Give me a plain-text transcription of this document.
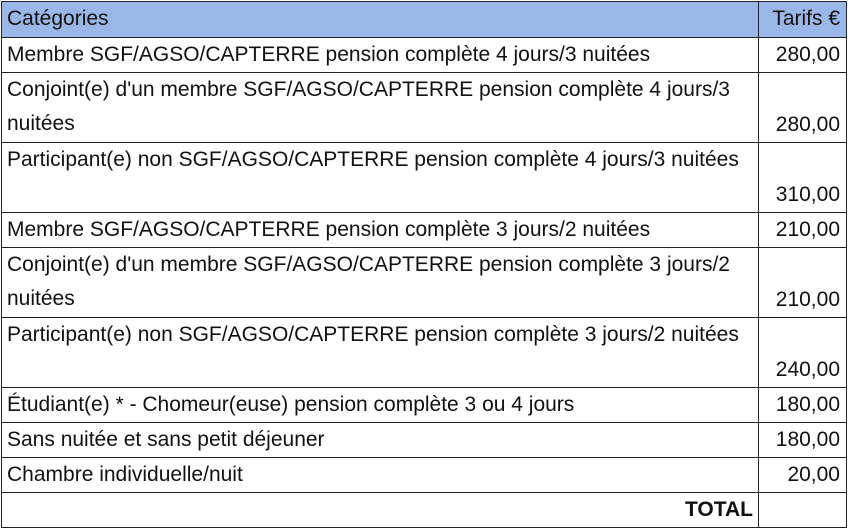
Catégories	Tarifs €
Membre SGF/AGSO/CAPTERRE pension complète 4 jours/3 nuitées	280,00
Conjoint(e) d'un membre SGF/AGSO/CAPTERRE pension complète 4 jours/3 nuitées	280,00
Participant(e) non SGF/AGSO/CAPTERRE pension complète 4 jours/3 nuitées	310,00
Membre SGF/AGSO/CAPTERRE pension complète 3 jours/2 nuitées	210,00
Conjoint(e) d'un membre SGF/AGSO/CAPTERRE pension complète 3 jours/2 nuitées	210,00
Participant(e) non SGF/AGSO/CAPTERRE pension complète 3 jours/2 nuitées	240,00
Étudiant(e) * - Chomeur(euse) pension complète 3 ou 4 jours	180,00
Sans nuitée et sans petit déjeuner	180,00
Chambre individuelle/nuit	20,00
TOTAL	
